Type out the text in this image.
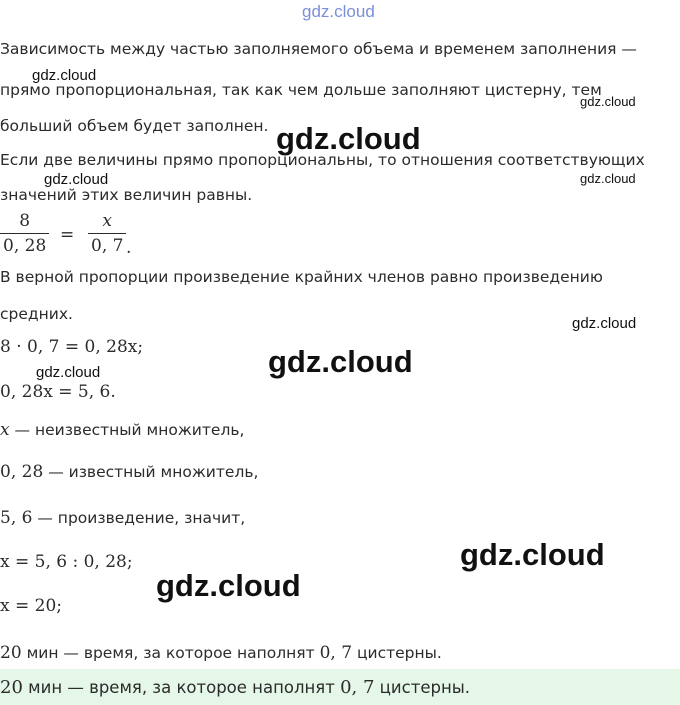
Зависимость между частью заполняемого объема и временем заполнения —
прямо пропорциональная, так как чем дольше заполняют цистерну, тем
больший объем будет заполнен.
Если две величины прямо пропорциональны, то отношения соответствующих
значений этих величин равны.
8
0, 28
=
x
0, 7 .
В верной пропорции произведение крайних членов равно произведению
средних.
8 · 0, 7 = 0, 28x;
0, 28x = 5, 6.
x — неизвестный множитель,
0, 28 — известный множитель,
5, 6 — произведение, значит,
x = 5, 6 : 0, 28;
x = 20;
20 мин — время, за которое наполнят 0, 7 цистерны.
20 мин — время, за которое наполнят 0, 7 цистерны.
gdz.cloud
gdz.cloud
gdz.cloud
gdz.cloud
gdz.cloud	gdz.cloud
gdz.cloud
gdz.cloud
gdz.cloud
gdz.cloud
gdz.cloud
